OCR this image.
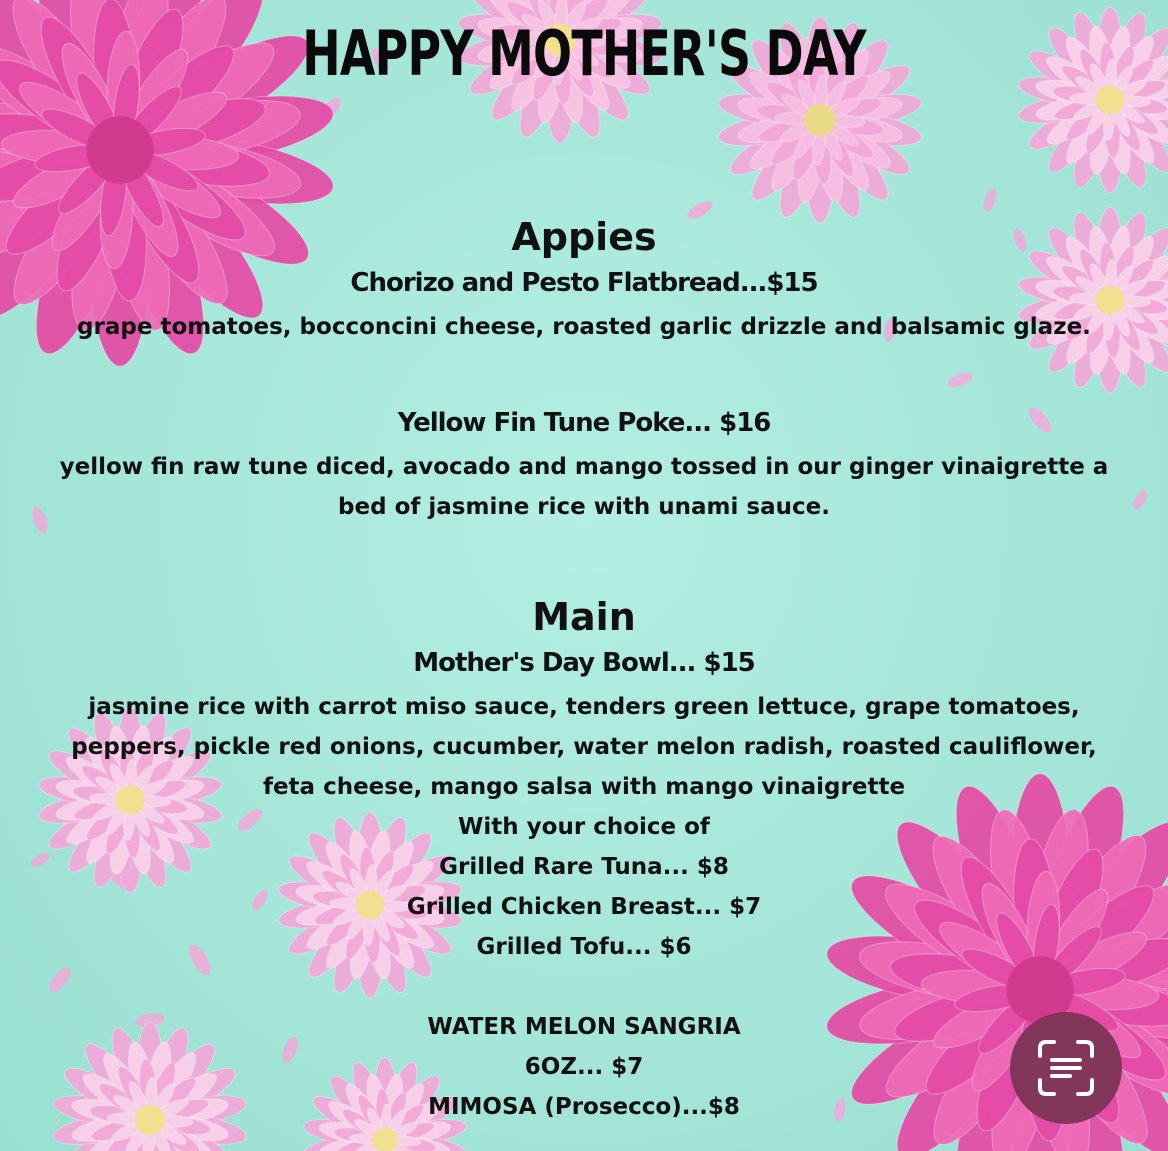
HAPPY MOTHER'S DAY
Appies
Chorizo and Pesto Flatbread...$15
grape tomatoes, bocconcini cheese, roasted garlic drizzle and balsamic glaze.
Yellow Fin Tune Poke... $16
yellow fin raw tune diced, avocado and mango tossed in our ginger vinaigrette a
bed of jasmine rice with unami sauce.
Main
Mother's Day Bowl... $15
jasmine rice with carrot miso sauce, tenders green lettuce, grape tomatoes,
peppers, pickle red onions, cucumber, water melon radish, roasted cauliflower,
feta cheese, mango salsa with mango vinaigrette
With your choice of
Grilled Rare Tuna... $8
Grilled Chicken Breast... $7
Grilled Tofu... $6
WATER MELON SANGRIA
6OZ... $7
MIMOSA (Prosecco)...$8
